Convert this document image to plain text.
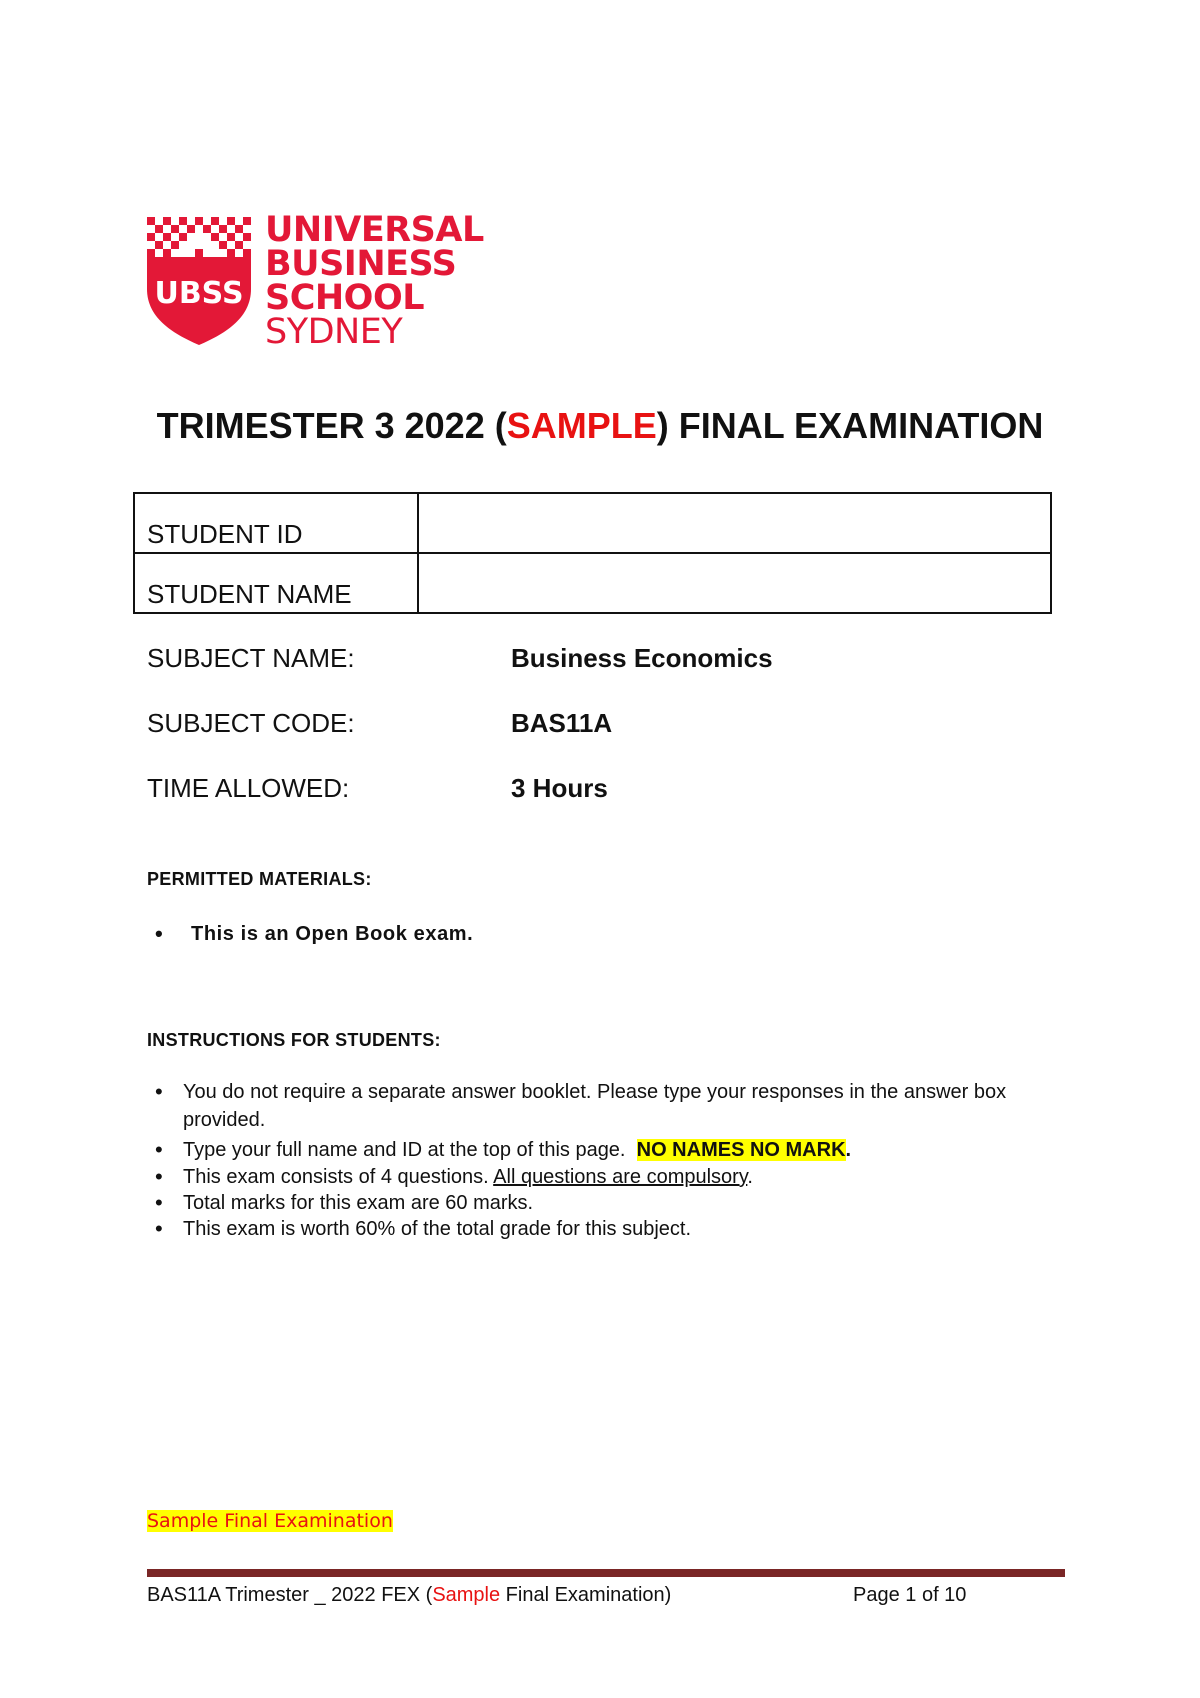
UBSS
UNIVERSAL
BUSINESS
SCHOOL
SYDNEY
TRIMESTER 3 2022 (SAMPLE) FINAL EXAMINATION
STUDENT ID	
STUDENT NAME	
SUBJECT NAME:	Business Economics
SUBJECT CODE:	BAS11A
TIME ALLOWED:	3 Hours
PERMITTED MATERIALS:
• This is an Open Book exam.
INSTRUCTIONS FOR STUDENTS:
• You do not require a separate answer booklet. Please type your responses in the answer box provided.
• Type your full name and ID at the top of this page. NO NAMES NO MARK.
• This exam consists of 4 questions. All questions are compulsory.
• Total marks for this exam are 60 marks.
• This exam is worth 60% of the total grade for this subject.
Sample Final Examination
BAS11A Trimester _ 2022 FEX (Sample Final Examination)	Page 1 of 10
